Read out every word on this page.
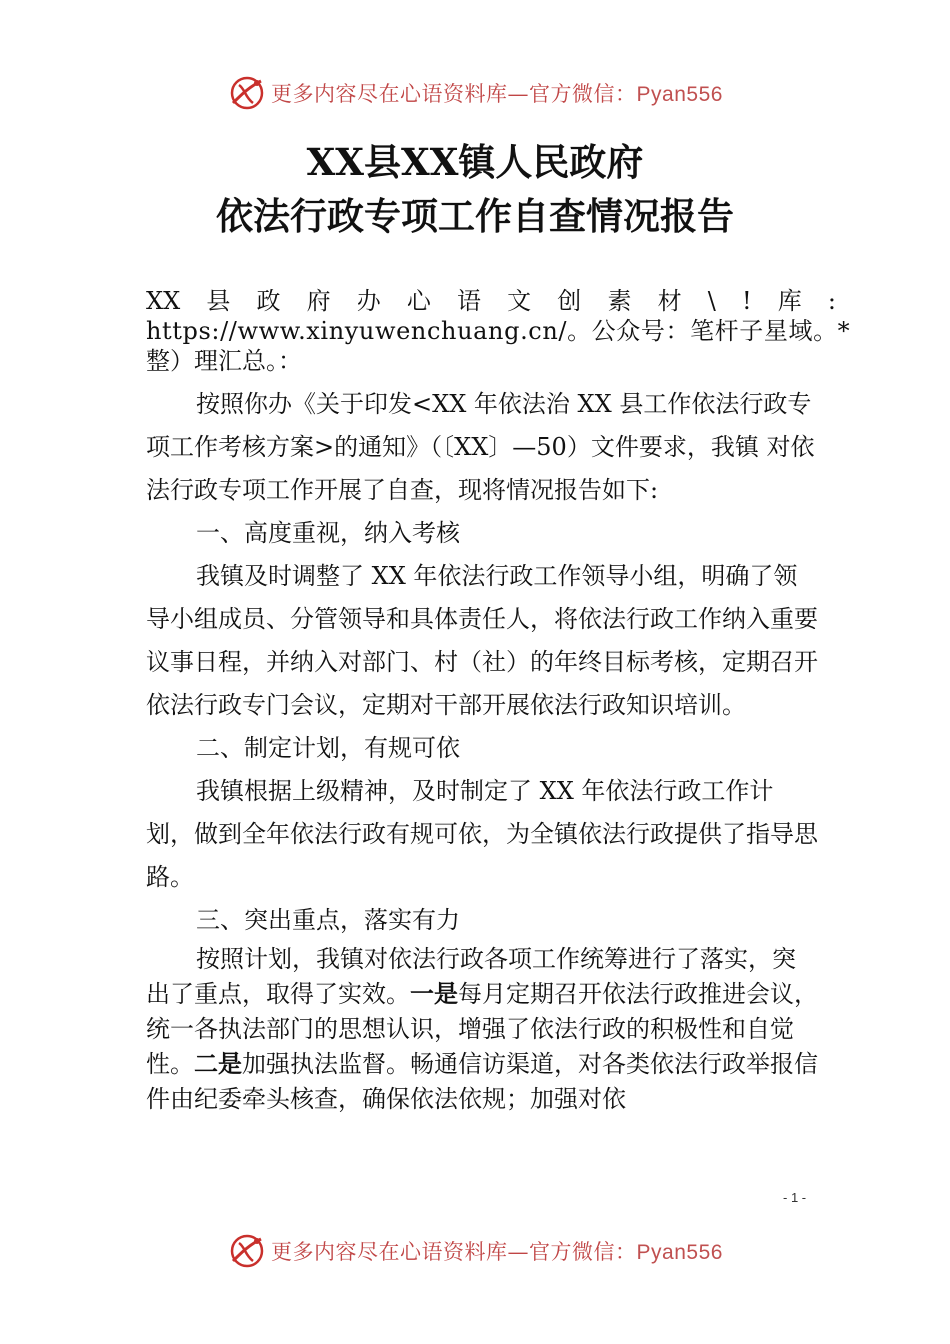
更多内容尽在心语资料库—官方微信：Pyan556
XX县XX镇人民政府
依法行政专项工作自查情况报告
XX 县 政 府 办 心 语 文 创 素 材 \ ! 库 :
https://www.xinyuwenchuang.cn/。公众号：笔杆子星域。*
整）理汇总。：

按照你办《关于印发<XX 年依法治 XX 县工作依法行政专项工作考核方案>的通知》（〔XX〕—50）文件要求，我镇 对依法行政专项工作开展了自查，现将情况报告如下:

一、高度重视，纳入考核

我镇及时调整了 XX 年依法行政工作领导小组，明确了领导小组成员、分管领导和具体责任人，将依法行政工作纳入重要议事日程，并纳入对部门、村（社）的年终目标考核，定期召开依法行政专门会议，定期对干部开展依法行政知识培训。

二、制定计划，有规可依

我镇根据上级精神，及时制定了 XX 年依法行政工作计划，做到全年依法行政有规可依，为全镇依法行政提供了指导思路。

三、突出重点，落实有力

按照计划，我镇对依法行政各项工作统筹进行了落实，突出了重点，取得了实效。一是每月定期召开依法行政推进会议，统一各执法部门的思想认识，增强了依法行政的积极性和自觉性。二是加强执法监督。畅通信访渠道，对各类依法行政举报信件由纪委牵头核查，确保依法依规；加强对依

- 1 -
更多内容尽在心语资料库—官方微信：Pyan556
